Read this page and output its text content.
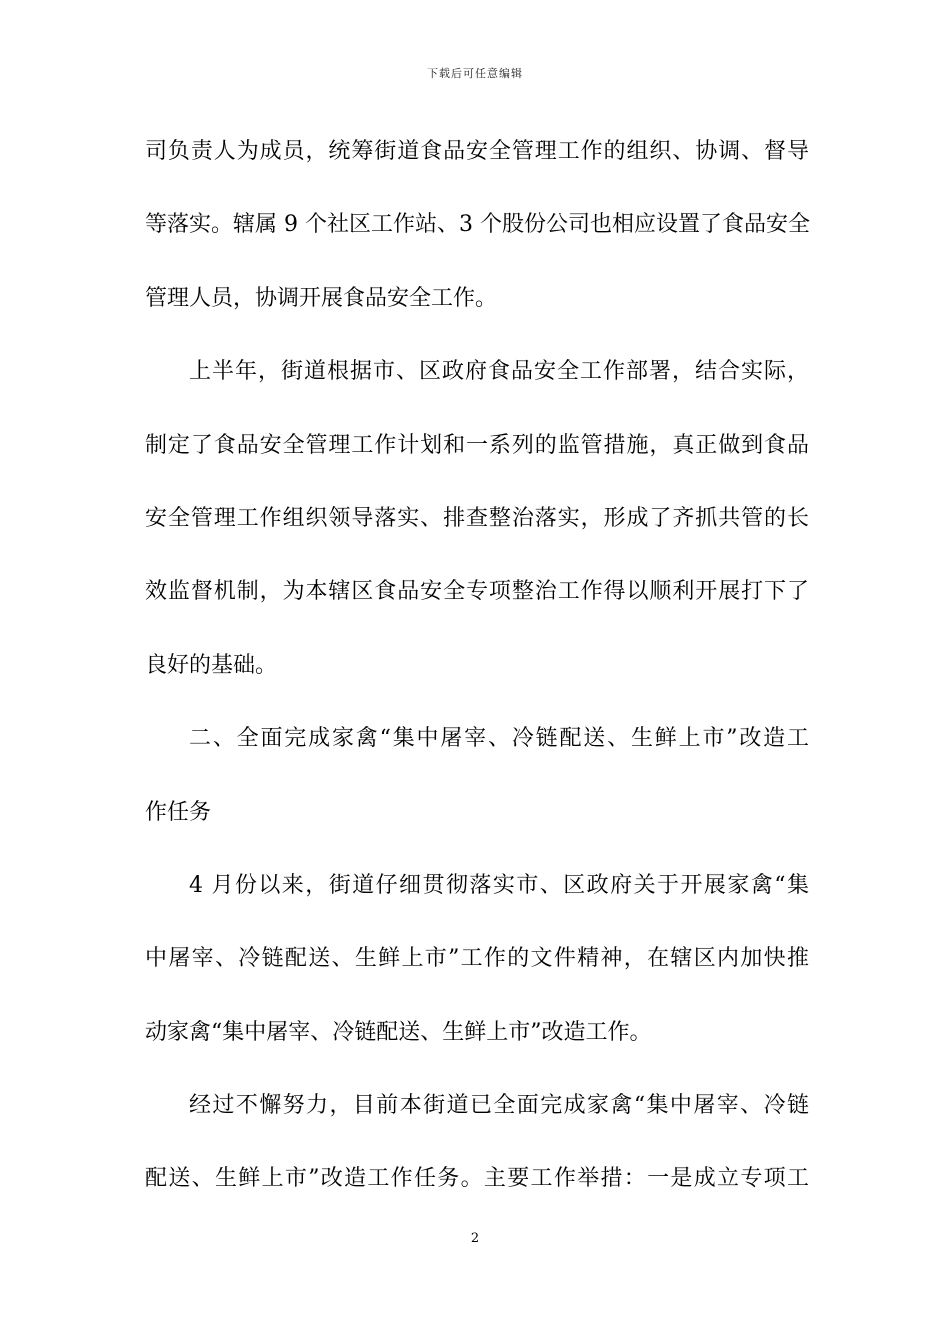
下载后可任意编辑
司负责人为成员，统筹街道食品安全管理工作的组织、协调、督导
等落实。辖属 9 个社区工作站、3 个股份公司也相应设置了食品安全
管理人员，协调开展食品安全工作。
上半年，街道根据市、区政府食品安全工作部署，结合实际，
制定了食品安全管理工作计划和一系列的监管措施，真正做到食品
安全管理工作组织领导落实、排查整治落实，形成了齐抓共管的长
效监督机制，为本辖区食品安全专项整治工作得以顺利开展打下了
良好的基础。
二、全面完成家禽“集中屠宰、冷链配送、生鲜上市”改造工
作任务
4 月份以来，街道仔细贯彻落实市、区政府关于开展家禽“集
中屠宰、冷链配送、生鲜上市”工作的文件精神，在辖区内加快推
动家禽“集中屠宰、冷链配送、生鲜上市”改造工作。
经过不懈努力，目前本街道已全面完成家禽“集中屠宰、冷链
配送、生鲜上市”改造工作任务。主要工作举措：一是成立专项工
2
